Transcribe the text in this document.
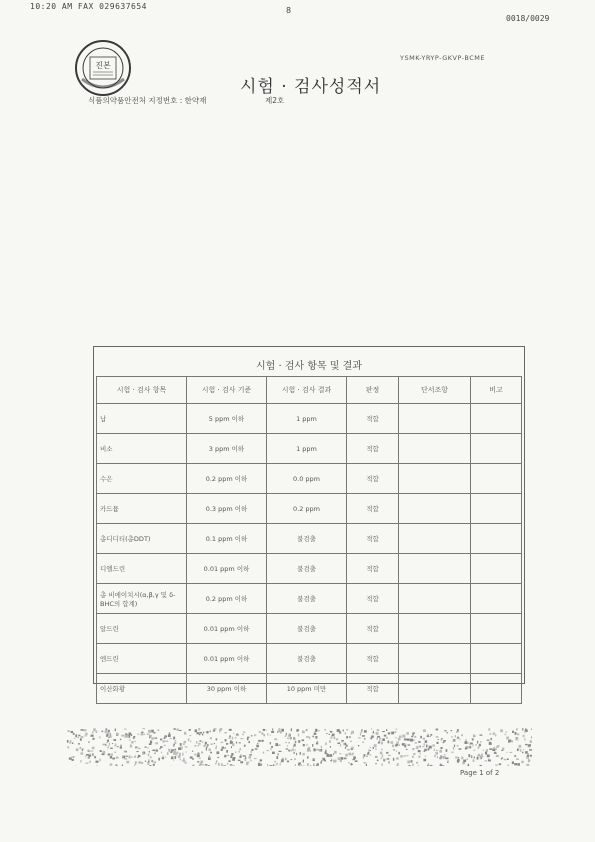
10:20 AM FAX 029637654	8
0018/0029
진본
YSMK-YRYP-GKVP-BCME
시험 · 검사성적서
식품의약품안전처 지정번호 : 한약재	제2호
시험 · 검사 항목 및 결과
시험 · 검사 항목	시험 · 검사 기준	시험 · 검사 결과	판정	단서조항	비고
납	5 ppm 이하	1 ppm	적합		
비소	3 ppm 이하	1 ppm	적합		
수은	0.2 ppm 이하	0.0 ppm	적합		
카드뮴	0.3 ppm 이하	0.2 ppm	적합		
총디디티(총DDT)	0.1 ppm 이하	불검출	적합		
디엘드린	0.01 ppm 이하	불검출	적합		
총 비에이치시(α,β,γ 및 δ-BHC의 합계)	0.2 ppm 이하	불검출	적합		
알드린	0.01 ppm 이하	불검출	적합		
엔드린	0.01 ppm 이하	불검출	적합		
이산화황	30 ppm 이하	10 ppm 미만	적합		
Page 1 of 2
